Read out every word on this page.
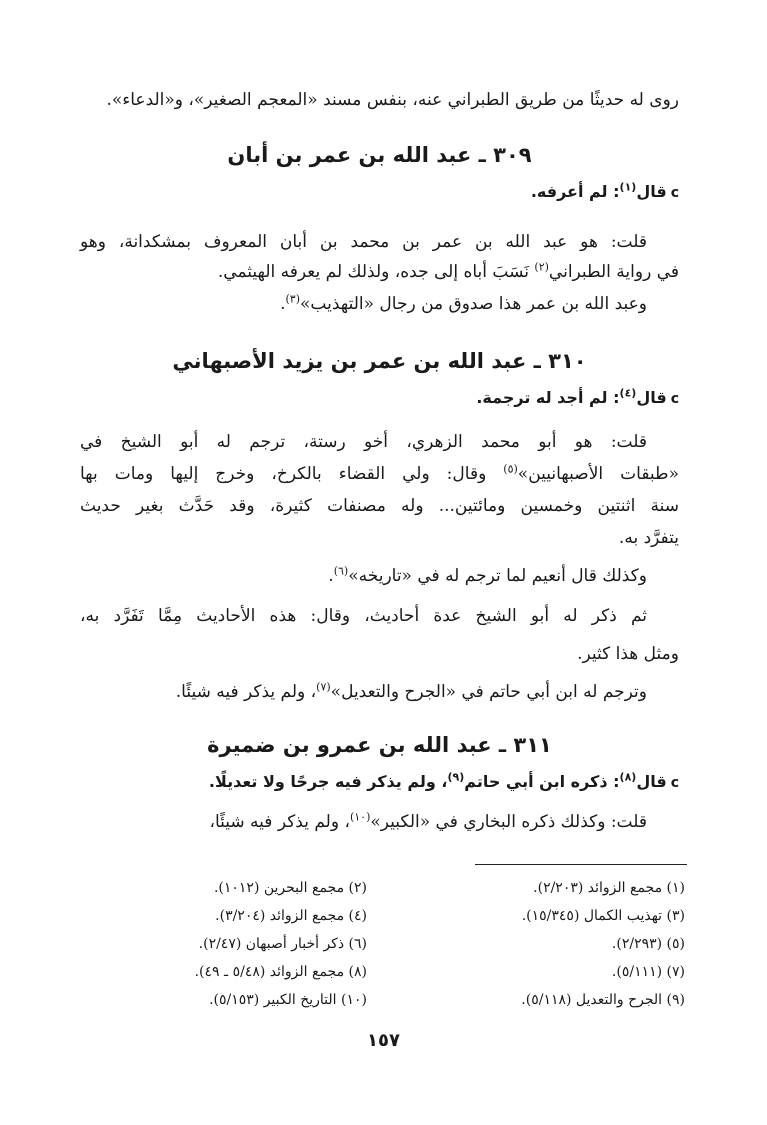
روى له حديثًا من طريق الطبراني عنه، بنفس مسند «المعجم الصغير»، و«الدعاء».
٣٠٩ ـ عبد الله بن عمر بن أبان
cقال$^{(١)}$: لم أعرفه.
قلت: هو عبد الله بن عمر بن محمد بن أبان المعروف بمشكدانة، وهو
في رواية الطبراني$^{(٢)}$ نَسَبَ أباه إلى جده، ولذلك لم يعرفه الهيثمي.
وعبد الله بن عمر هذا صدوق من رجال «التهذيب»$^{(٣)}$.
٣١٠ ـ عبد الله بن عمر بن يزيد الأصبهاني
cقال$^{(٤)}$: لم أجد له ترجمة.
قلت: هو أبو محمد الزهري، أخو رستة، ترجم له أبو الشيخ في
«طبقات الأصبهانيين»$^{(٥)}$ وقال: ولي القضاء بالكرخ، وخرج إليها ومات بها
سنة اثنتين وخمسين ومائتين... وله مصنفات كثيرة، وقد حَدَّث بغير حديث
يتفرَّد به.
وكذلك قال أنعيم لما ترجم له في «تاريخه»$^{(٦)}$.
ثم ذكر له أبو الشيخ عدة أحاديث، وقال: هذه الأحاديث مِمَّا تَفَرَّد به،
ومثل هذا كثير.
وترجم له ابن أبي حاتم في «الجرح والتعديل»$^{(٧)}$، ولم يذكر فيه شيئًا.
٣١١ ـ عبد الله بن عمرو بن ضميرة
cقال$^{(٨)}$: ذكره ابن أبي حاتم$^{(٩)}$، ولم يذكر فيه جرحًا ولا تعديلًا.
قلت: وكذلك ذكره البخاري في «الكبير»$^{(١٠)}$، ولم يذكر فيه شيئًا،
(١) مجمع الزوائد (٢/٢٠٣).
(٣) تهذيب الكمال (١٥/٣٤٥).
(٥) (٢/٢٩٣).
(٧) (٥/١١١).
(٩) الجرح والتعديل (٥/١١٨).
(٢) مجمع البحرين (١٠١٢).
(٤) مجمع الزوائد (٣/٢٠٤).
(٦) ذكر أخبار أصبهان (٢/٤٧).
(٨) مجمع الزوائد (٥/٤٨ ـ ٤٩).
(١٠) التاريخ الكبير (٥/١٥٣).
١٥٧
